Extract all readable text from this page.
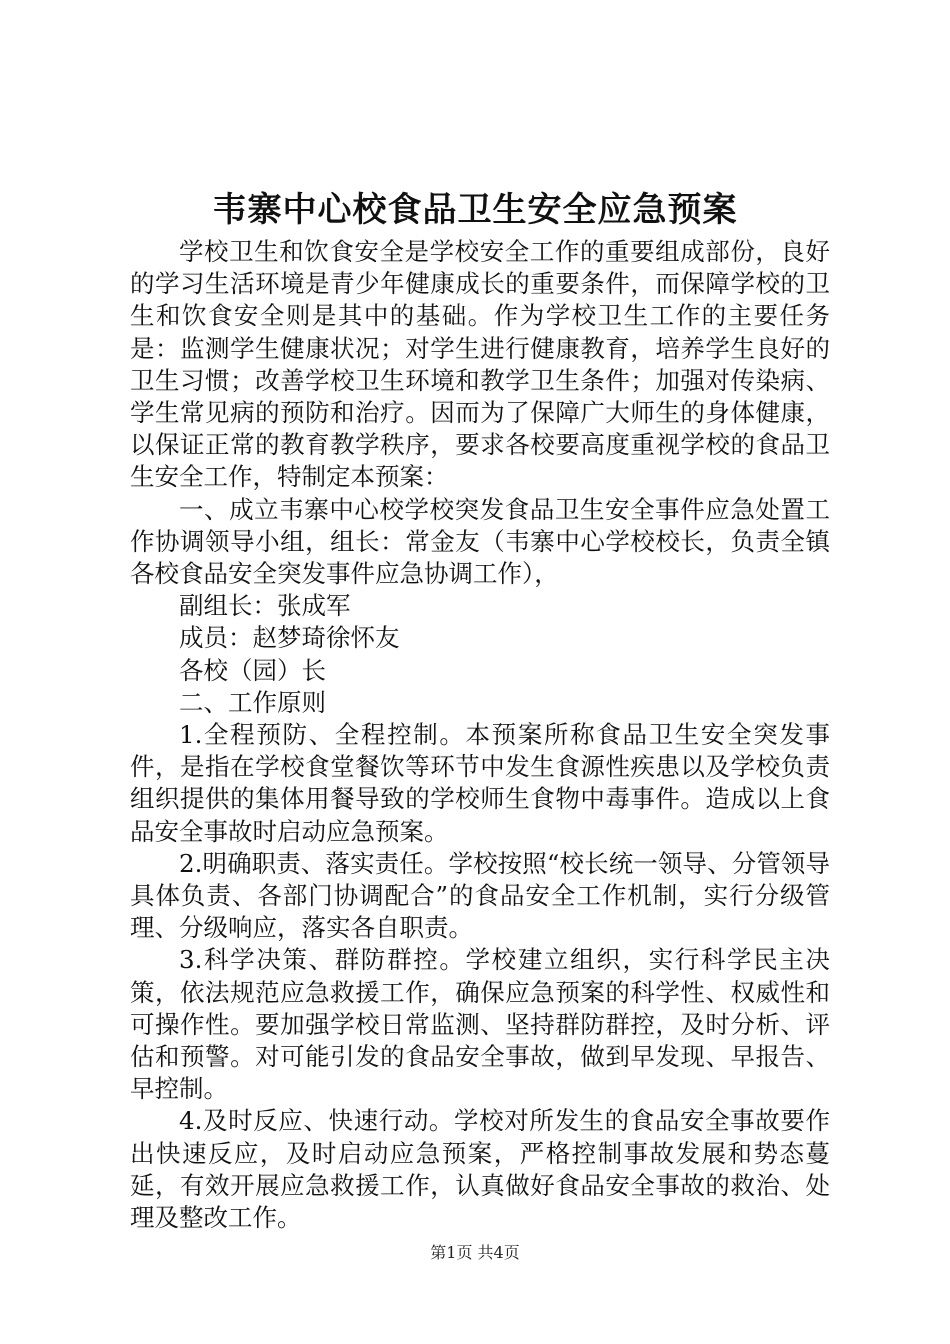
韦寨中心校食品卫生安全应急预案

学校卫生和饮食安全是学校安全工作的重要组成部份，良好的学习生活环境是青少年健康成长的重要条件，而保障学校的卫生和饮食安全则是其中的基础。作为学校卫生工作的主要任务是：监测学生健康状况；对学生进行健康教育，培养学生良好的卫生习惯；改善学校卫生环境和教学卫生条件；加强对传染病、学生常见病的预防和治疗。因而为了保障广大师生的身体健康，以保证正常的教育教学秩序，要求各校要高度重视学校的食品卫生安全工作，特制定本预案：

一、成立韦寨中心校学校突发食品卫生安全事件应急处置工作协调领导小组，组长：常金友（韦寨中心学校校长，负责全镇各校食品安全突发事件应急协调工作），

副组长：张成军

成员：赵梦琦徐怀友

各校（园）长

二、工作原则

1.全程预防、全程控制。本预案所称食品卫生安全突发事件，是指在学校食堂餐饮等环节中发生食源性疾患以及学校负责组织提供的集体用餐导致的学校师生食物中毒事件。造成以上食品安全事故时启动应急预案。

2.明确职责、落实责任。学校按照“校长统一领导、分管领导具体负责、各部门协调配合”的食品安全工作机制，实行分级管理、分级响应，落实各自职责。

3.科学决策、群防群控。学校建立组织，实行科学民主决策，依法规范应急救援工作，确保应急预案的科学性、权威性和可操作性。要加强学校日常监测、坚持群防群控，及时分析、评估和预警。对可能引发的食品安全事故，做到早发现、早报告、早控制。

4.及时反应、快速行动。学校对所发生的食品安全事故要作出快速反应，及时启动应急预案，严格控制事故发展和势态蔓延，有效开展应急救援工作，认真做好食品安全事故的救治、处理及整改工作。

第1页 共4页
